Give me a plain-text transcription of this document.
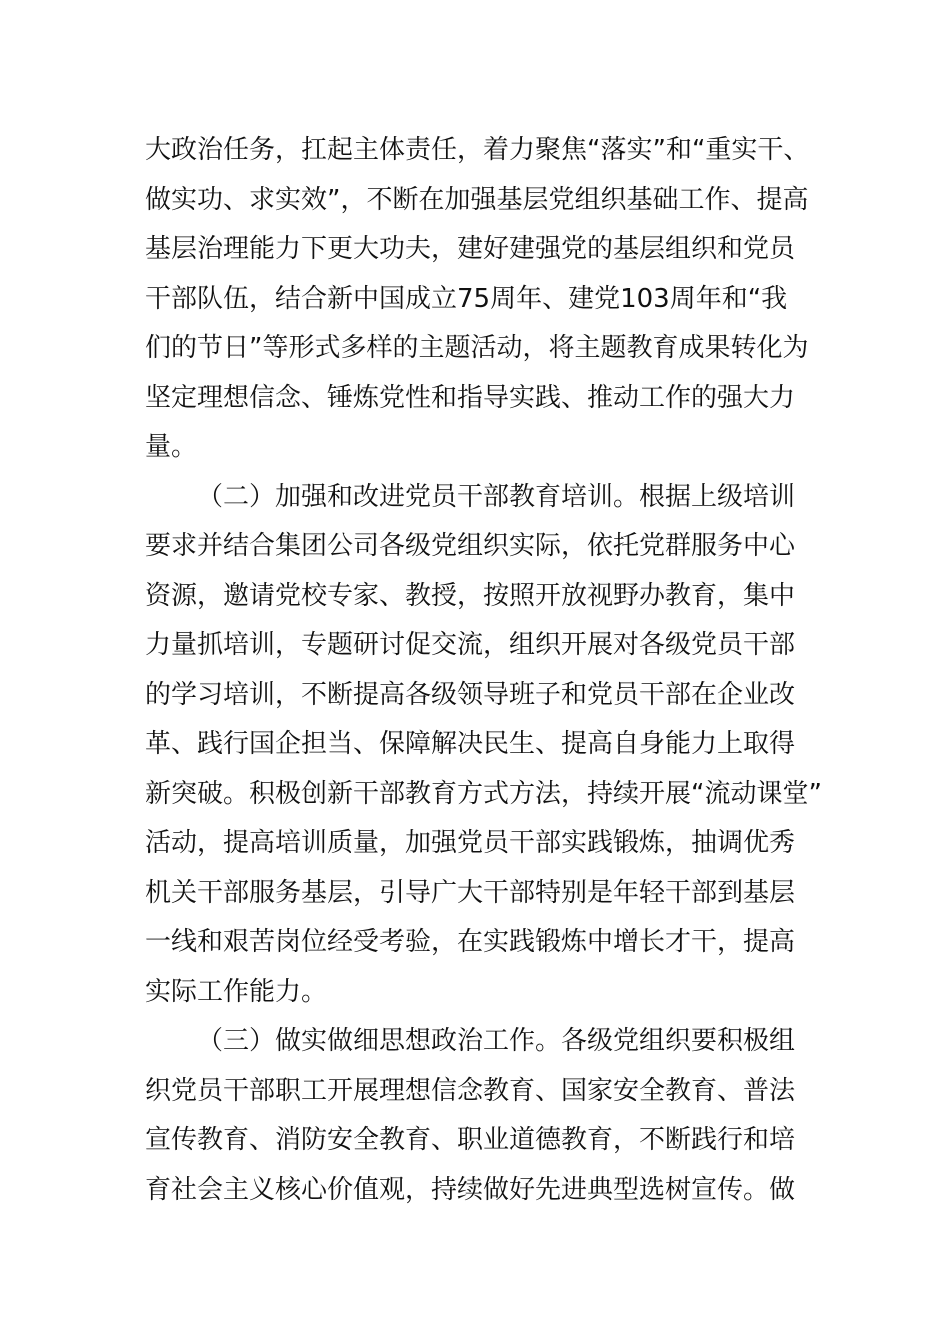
大政治任务，扛起主体责任，着力聚焦“落实”和“重实干、
做实功、求实效”，不断在加强基层党组织基础工作、提高
基层治理能力下更大功夫，建好建强党的基层组织和党员
干部队伍，结合新中国成立75周年、建党103周年和“我
们的节日”等形式多样的主题活动，将主题教育成果转化为
坚定理想信念、锤炼党性和指导实践、推动工作的强大力
量。
（二）加强和改进党员干部教育培训。根据上级培训
要求并结合集团公司各级党组织实际，依托党群服务中心
资源，邀请党校专家、教授，按照开放视野办教育，集中
力量抓培训，专题研讨促交流，组织开展对各级党员干部
的学习培训，不断提高各级领导班子和党员干部在企业改
革、践行国企担当、保障解决民生、提高自身能力上取得
新突破。积极创新干部教育方式方法，持续开展“流动课堂”
活动，提高培训质量，加强党员干部实践锻炼，抽调优秀
机关干部服务基层，引导广大干部特别是年轻干部到基层
一线和艰苦岗位经受考验，在实践锻炼中增长才干，提高
实际工作能力。
（三）做实做细思想政治工作。各级党组织要积极组
织党员干部职工开展理想信念教育、国家安全教育、普法
宣传教育、消防安全教育、职业道德教育，不断践行和培
育社会主义核心价值观，持续做好先进典型选树宣传。做
